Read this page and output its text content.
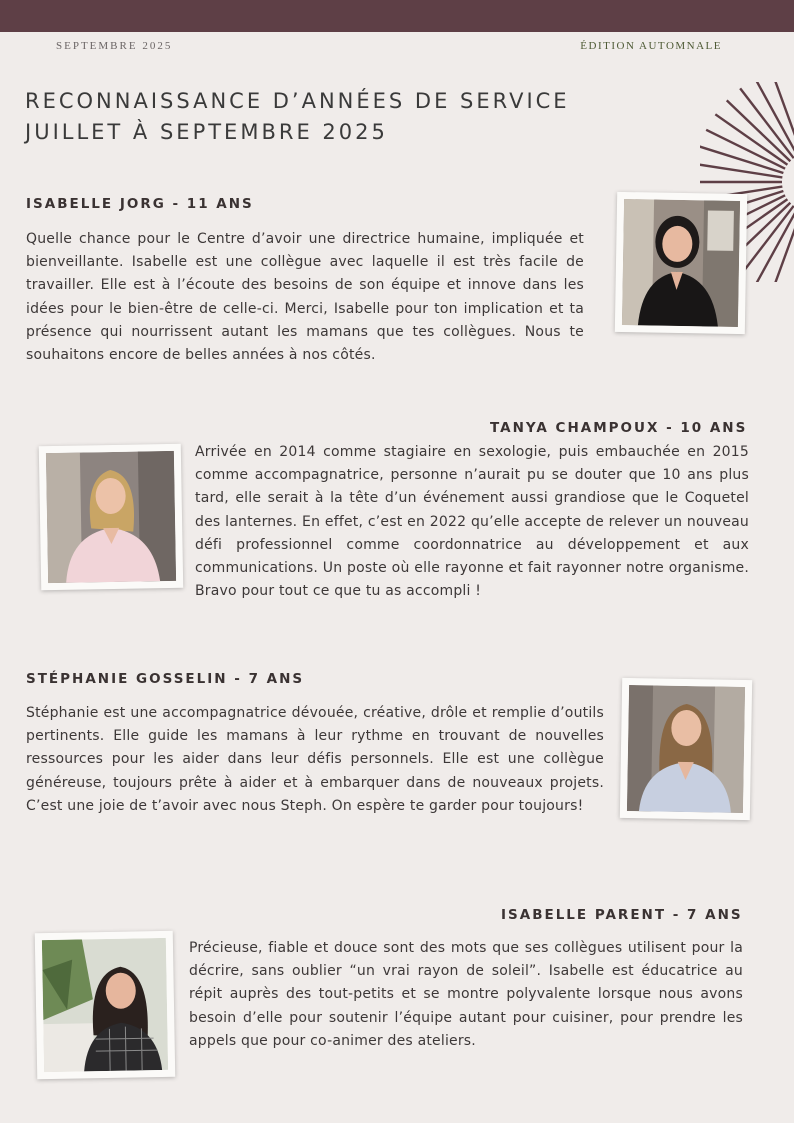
SEPTEMBRE 2025	ÉDITION AUTOMNALE
RECONNAISSANCE D’ANNÉES DE SERVICE
JUILLET À SEPTEMBRE 2025
ISABELLE JORG - 11 ANS

Quelle chance pour le Centre d’avoir une directrice humaine, impliquée et bienveillante. Isabelle est une collègue avec laquelle il est très facile de travailler. Elle est à l’écoute des besoins de son équipe et innove dans les idées pour le bien-être de celle-ci. Merci, Isabelle pour ton implication et ta présence qui nourrissent autant les mamans que tes collègues. Nous te souhaitons encore de belles années à nos côtés.

TANYA CHAMPOUX - 10 ANS

Arrivée en 2014 comme stagiaire en sexologie, puis embauchée en 2015 comme accompagnatrice, personne n’aurait pu se douter que 10 ans plus tard, elle serait à la tête d’un événement aussi grandiose que le Coquetel des lanternes. En effet, c’est en 2022 qu’elle accepte de relever un nouveau défi professionnel comme coordonnatrice au développement et aux communications. Un poste où elle rayonne et fait rayonner notre organisme. Bravo pour tout ce que tu as accompli !

STÉPHANIE GOSSELIN - 7 ANS

Stéphanie est une accompagnatrice dévouée, créative, drôle et remplie d’outils pertinents. Elle guide les mamans à leur rythme en trouvant de nouvelles ressources pour les aider dans leur défis personnels. Elle est une collègue généreuse, toujours prête à aider et à embarquer dans de nouveaux projets. C’est une joie de t’avoir avec nous Steph. On espère te garder pour toujours!

ISABELLE PARENT - 7 ANS

Précieuse, fiable et douce sont des mots que ses collègues utilisent pour la décrire, sans oublier “un vrai rayon de soleil”. Isabelle est éducatrice au répit auprès des tout-petits et se montre polyvalente lorsque nous avons besoin d’elle pour soutenir l’équipe autant pour cuisiner, pour prendre les appels que pour co-animer des ateliers.
